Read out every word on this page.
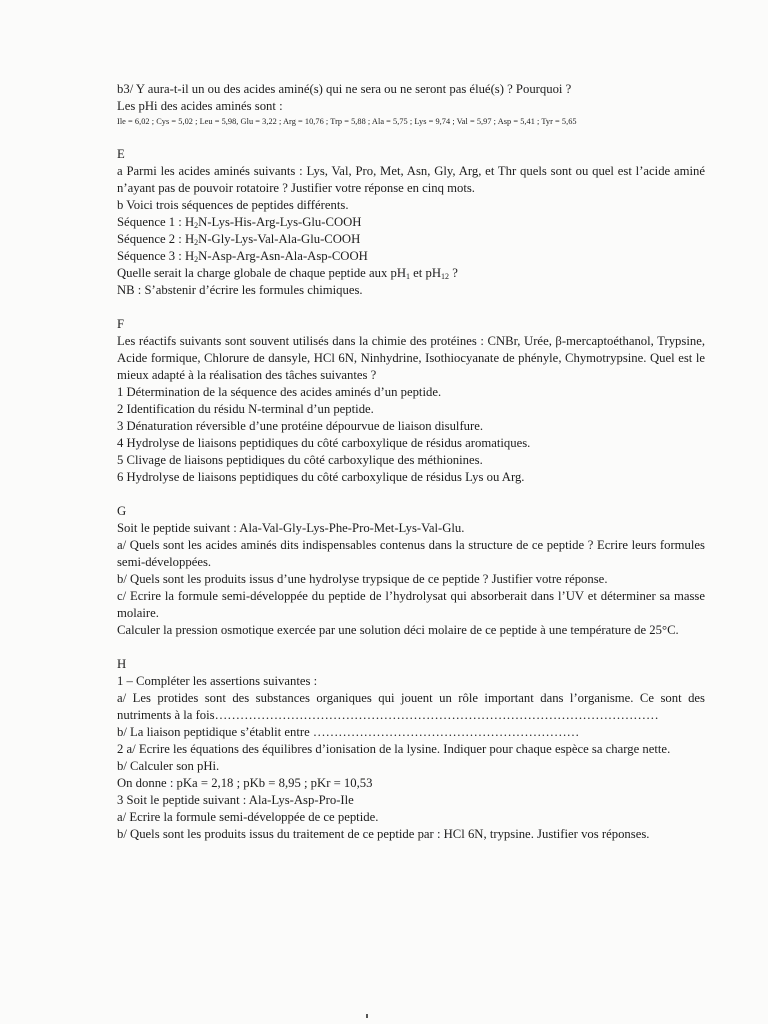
b3/ Y aura-t-il un ou des acides aminé(s) qui ne sera ou ne seront pas élué(s) ? Pourquoi ?
Les pHi des acides aminés sont :
Ile = 6,02 ; Cys = 5,02 ; Leu = 5,98, Glu = 3,22 ; Arg = 10,76 ; Trp = 5,88 ; Ala = 5,75 ; Lys = 9,74 ; Val = 5,97 ; Asp = 5,41 ; Tyr = 5,65
E
a Parmi les acides aminés suivants : Lys, Val, Pro, Met, Asn, Gly, Arg, et Thr quels sont ou quel est l’acide aminé n’ayant pas de pouvoir rotatoire ? Justifier votre réponse en cinq mots.
b Voici trois séquences de peptides différents.
Séquence 1 : $H_2N-Lys-His-Arg-Lys-Glu$-COOH
Séquence 2 : $H_2N-Gly-Lys-Val-Ala-Glu$-COOH
Séquence 3 : $H_2N-Asp-Arg-Asn-Ala-Asp$-COOH
Quelle serait la charge globale de chaque peptide aux $pH_1$ et $pH_{12}$ ?
NB : S’abstenir d’écrire les formules chimiques.
F
Les réactifs suivants sont souvent utilisés dans la chimie des protéines : CNBr, Urée, β-mercaptoéthanol, Trypsine, Acide formique, Chlorure de dansyle, HCl 6N, Ninhydrine, Isothiocyanate de phényle, Chymotrypsine. Quel est le mieux adapté à la réalisation des tâches suivantes ?
1 Détermination de la séquence des acides aminés d’un peptide.
2 Identification du résidu N-terminal d’un peptide.
3 Dénaturation réversible d’une protéine dépourvue de liaison disulfure.
4 Hydrolyse de liaisons peptidiques du côté carboxylique de résidus aromatiques.
5 Clivage de liaisons peptidiques du côté carboxylique des méthionines.
6 Hydrolyse de liaisons peptidiques du côté carboxylique de résidus Lys ou Arg.
G
Soit le peptide suivant : Ala-Val-Gly-Lys-Phe-Pro-Met-Lys-Val-Glu.
a/ Quels sont les acides aminés dits indispensables contenus dans la structure de ce peptide ? Ecrire leurs formules semi-développées.
b/ Quels sont les produits issus d’une hydrolyse trypsique de ce peptide ? Justifier votre réponse.
c/ Ecrire la formule semi-développée du peptide de l’hydrolysat qui absorberait dans l’UV et déterminer sa masse molaire.
Calculer la pression osmotique exercée par une solution déci molaire de ce peptide à une température de 25°C.
H
1 – Compléter les assertions suivantes :
a/ Les protides sont des substances organiques qui jouent un rôle important dans l’organisme. Ce sont des nutriments à la fois……………………………………………………………………………………………
b/ La liaison peptidique s’établit entre ………………………………………………………
2 a/ Ecrire les équations des équilibres d’ionisation de la lysine. Indiquer pour chaque espèce sa charge nette.
b/ Calculer son pHi.
On donne : pKa = 2,18 ; pKb = 8,95 ; pKr = 10,53
3 Soit le peptide suivant : Ala-Lys-Asp-Pro-Ile
a/ Ecrire la formule semi-développée de ce peptide.
b/ Quels sont les produits issus du traitement de ce peptide par : HCl 6N, trypsine. Justifier vos réponses.
